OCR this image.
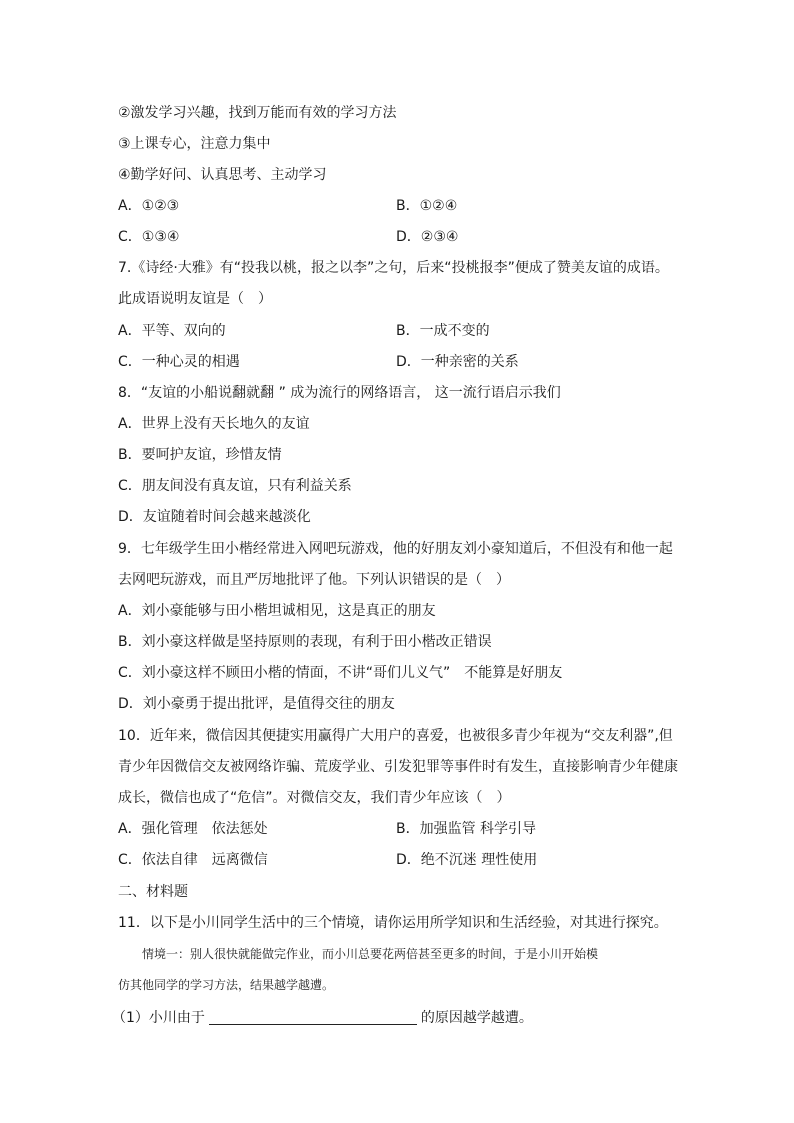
②激发学习兴趣，找到万能而有效的学习方法
③上课专心，注意力集中
④勤学好问、认真思考、主动学习
A．①②③	B．①②④
C．①③④	D．②③④
7.《诗经·大雅》有“投我以桃，报之以李”之句，后来“投桃报李”便成了赞美友谊的成语。
此成语说明友谊是（　）
A．平等、双向的	B．一成不变的
C．一种心灵的相遇	D．一种亲密的关系
8．“友谊的小船说翻就翻 ” 成为流行的网络语言， 这一流行语启示我们
A．世界上没有天长地久的友谊
B．要呵护友谊，珍惜友情
C．朋友间没有真友谊，只有利益关系
D．友谊随着时间会越来越淡化
9．七年级学生田小楷经常进入网吧玩游戏，他的好朋友刘小豪知道后，不但没有和他一起
去网吧玩游戏，而且严厉地批评了他。下列认识错误的是（　）
A．刘小豪能够与田小楷坦诚相见，这是真正的朋友
B．刘小豪这样做是坚持原则的表现，有利于田小楷改正错误
C．刘小豪这样不顾田小楷的情面，不讲“哥们儿义气”　不能算是好朋友
D．刘小豪勇于提出批评，是值得交往的朋友
10．近年来，微信因其便捷实用赢得广大用户的喜爱，也被很多青少年视为“交友利器”,但
青少年因微信交友被网络诈骗、荒废学业、引发犯罪等事件时有发生，直接影响青少年健康
成长，微信也成了“危信”。对微信交友，我们青少年应该（　）
A．强化管理　依法惩处	B．加强监管 科学引导
C．依法自律　远离微信	D．绝不沉迷 理性使用
二、材料题
11．以下是小川同学生活中的三个情境，请你运用所学知识和生活经验，对其进行探究。
　　情境一：别人很快就能做完作业，而小川总要花两倍甚至更多的时间，于是小川开始模
仿其他同学的学习方法，结果越学越遭。
（1）小川由于	的原因越学越遭。
